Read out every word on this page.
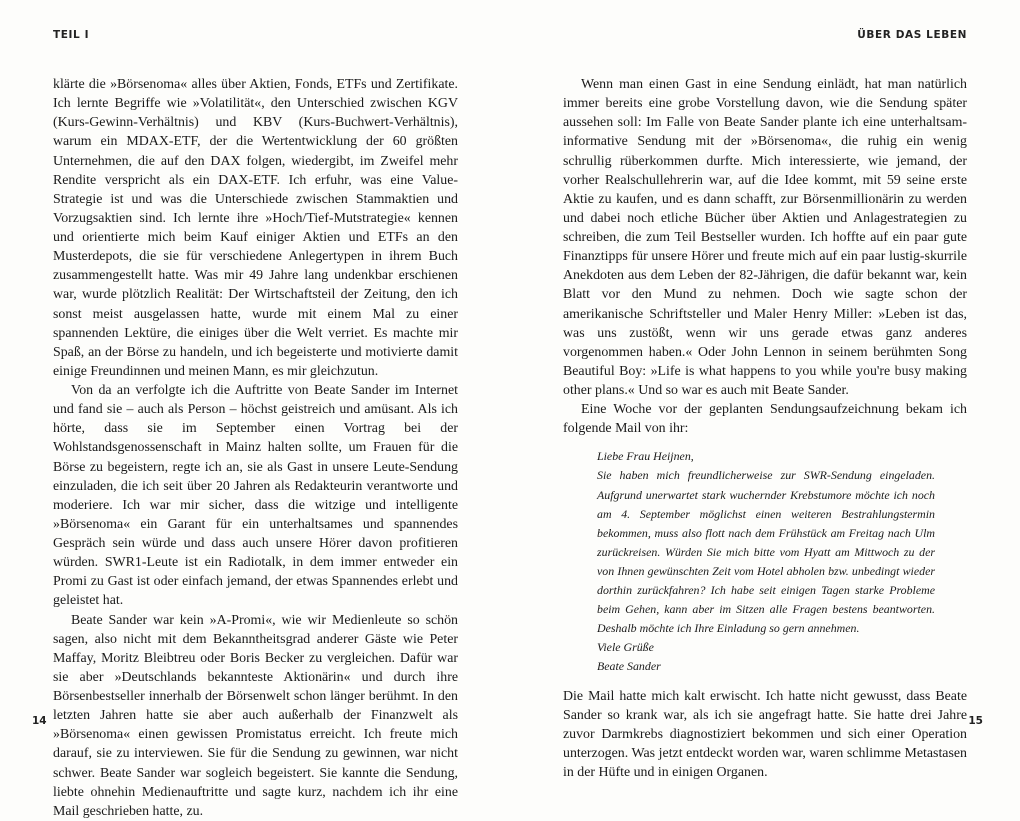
TEIL I

klärte die »Börsenoma« alles über Aktien, Fonds, ETFs und Zertifikate. Ich lernte Begriffe wie »Volatilität«, den Unterschied zwischen KGV (Kurs-Gewinn-Verhältnis) und KBV (Kurs-Buchwert-Verhältnis), warum ein MDAX-ETF, der die Wertentwicklung der 60 größten Unternehmen, die auf den DAX folgen, wiedergibt, im Zweifel mehr Rendite verspricht als ein DAX-ETF. Ich erfuhr, was eine Value-Strategie ist und was die Unterschiede zwischen Stammaktien und Vorzugsaktien sind. Ich lernte ihre »Hoch/Tief-Mutstrategie« kennen und orientierte mich beim Kauf einiger Aktien und ETFs an den Musterdepots, die sie für verschiedene Anlegertypen in ihrem Buch zusammengestellt hatte. Was mir 49 Jahre lang undenkbar erschienen war, wurde plötzlich Realität: Der Wirtschaftsteil der Zeitung, den ich sonst meist ausgelassen hatte, wurde mit einem Mal zu einer spannenden Lektüre, die einiges über die Welt verriet. Es machte mir Spaß, an der Börse zu handeln, und ich begeisterte und motivierte damit einige Freundinnen und meinen Mann, es mir gleichzutun.

Von da an verfolgte ich die Auftritte von Beate Sander im Internet und fand sie – auch als Person – höchst geistreich und amüsant. Als ich hörte, dass sie im September einen Vortrag bei der Wohlstandsgenossenschaft in Mainz halten sollte, um Frauen für die Börse zu begeistern, regte ich an, sie als Gast in unsere Leute-Sendung einzuladen, die ich seit über 20 Jahren als Redakteurin verantworte und moderiere. Ich war mir sicher, dass die witzige und intelligente »Börsenoma« ein Garant für ein unterhaltsames und spannendes Gespräch sein würde und dass auch unsere Hörer davon profitieren würden. SWR1-Leute ist ein Radiotalk, in dem immer entweder ein Promi zu Gast ist oder einfach jemand, der etwas Spannendes erlebt und geleistet hat.

Beate Sander war kein »A-Promi«, wie wir Medienleute so schön sagen, also nicht mit dem Bekanntheitsgrad anderer Gäste wie Peter Maffay, Moritz Bleibtreu oder Boris Becker zu vergleichen. Dafür war sie aber »Deutschlands bekannteste Aktionärin« und durch ihre Börsenbestseller innerhalb der Börsenwelt schon länger berühmt. In den letzten Jahren hatte sie aber auch außerhalb der Finanzwelt als »Börsenoma« einen gewissen Promistatus erreicht. Ich freute mich darauf, sie zu interviewen. Sie für die Sendung zu gewinnen, war nicht schwer. Beate Sander war sogleich begeistert. Sie kannte die Sendung, liebte ohnehin Medienauftritte und sagte kurz, nachdem ich ihr eine Mail geschrieben hatte, zu.

14
ÜBER DAS LEBEN
15

Wenn man einen Gast in eine Sendung einlädt, hat man natürlich immer bereits eine grobe Vorstellung davon, wie die Sendung später aussehen soll: Im Falle von Beate Sander plante ich eine unterhaltsam-informative Sendung mit der »Börsenoma«, die ruhig ein wenig schrullig rüberkommen durfte. Mich interessierte, wie jemand, der vorher Realschullehrerin war, auf die Idee kommt, mit 59 seine erste Aktie zu kaufen, und es dann schafft, zur Börsenmillionärin zu werden und dabei noch etliche Bücher über Aktien und Anlagestrategien zu schreiben, die zum Teil Bestseller wurden. Ich hoffte auf ein paar gute Finanztipps für unsere Hörer und freute mich auf ein paar lustig-skurrile Anekdoten aus dem Leben der 82-Jährigen, die dafür bekannt war, kein Blatt vor den Mund zu nehmen. Doch wie sagte schon der amerikanische Schriftsteller und Maler Henry Miller: »Leben ist das, was uns zustößt, wenn wir uns gerade etwas ganz anderes vorgenommen haben.« Oder John Lennon in seinem berühmten Song Beautiful Boy: »Life is what happens to you while you're busy making other plans.« Und so war es auch mit Beate Sander.

Eine Woche vor der geplanten Sendungsaufzeichnung bekam ich folgende Mail von ihr:

Liebe Frau Heijnen,
Sie haben mich freundlicherweise zur SWR-Sendung eingeladen. Aufgrund unerwartet stark wuchernder Krebstumore möchte ich noch am 4. September möglichst einen weiteren Bestrahlungstermin bekommen, muss also flott nach dem Frühstück am Freitag nach Ulm zurückreisen. Würden Sie mich bitte vom Hyatt am Mittwoch zu der von Ihnen gewünschten Zeit vom Hotel abholen bzw. unbedingt wieder dorthin zurückfahren? Ich habe seit einigen Tagen starke Probleme beim Gehen, kann aber im Sitzen alle Fragen bestens beantworten. Deshalb möchte ich Ihre Einladung so gern annehmen.
Viele Grüße
Beate Sander

Die Mail hatte mich kalt erwischt. Ich hatte nicht gewusst, dass Beate Sander so krank war, als ich sie angefragt hatte. Sie hatte drei Jahre zuvor Darmkrebs diagnostiziert bekommen und sich einer Operation unterzogen. Was jetzt entdeckt worden war, waren schlimme Metastasen in der Hüfte und in einigen Organen.
